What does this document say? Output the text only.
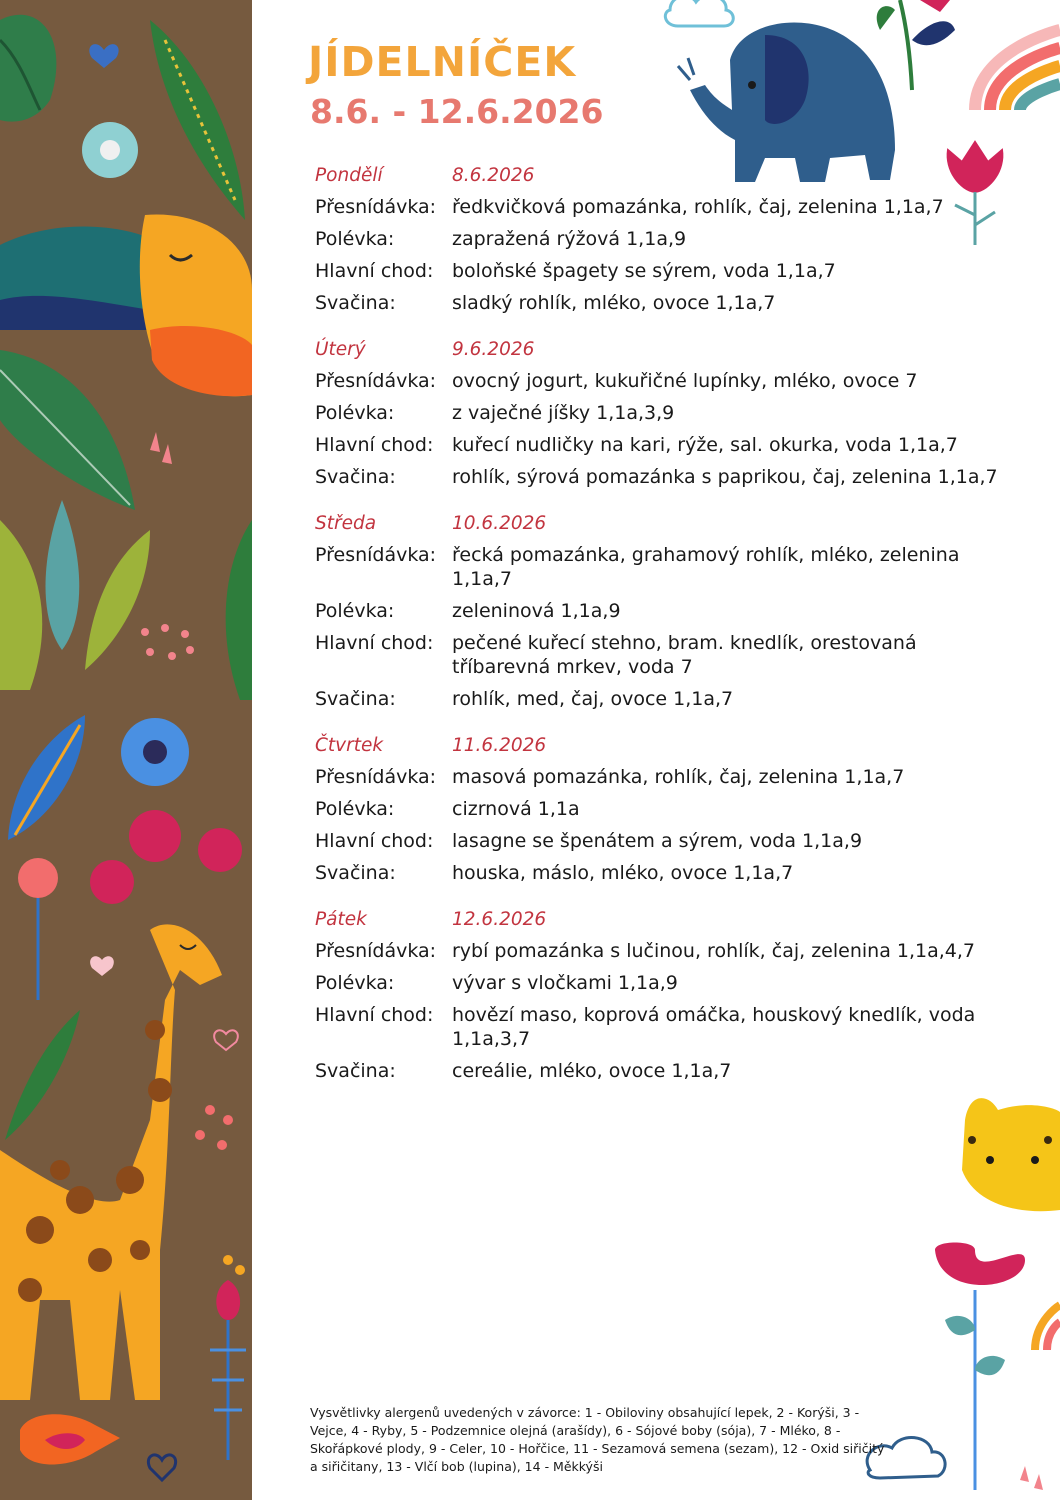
JÍDELNÍČEK
8.6. - 12.6.2026
Pondělí	8.6.2026
Přesnídávka: ředkvičková pomazánka, rohlík, čaj, zelenina 1,1a,7
Polévka:	zapražená rýžová 1,1a,9
Hlavní chod: boloňské špagety se sýrem, voda 1,1a,7
Svačina:	sladký rohlík, mléko, ovoce 1,1a,7
Úterý	9.6.2026
Přesnídávka: ovocný jogurt, kukuřičné lupínky, mléko, ovoce 7
Polévka:	z vaječné jíšky 1,1a,3,9
Hlavní chod: kuřecí nudličky na kari, rýže, sal. okurka, voda 1,1a,7
Svačina:	rohlík, sýrová pomazánka s paprikou, čaj, zelenina 1,1a,7
Středa	10.6.2026
Přesnídávka: řecká pomazánka, grahamový rohlík, mléko, zelenina 1,1a,7
Polévka:	zeleninová 1,1a,9
Hlavní chod: pečené kuřecí stehno, bram. knedlík, orestovaná tříbarevná mrkev, voda 7
Svačina:	rohlík, med, čaj, ovoce 1,1a,7
Čtvrtek	11.6.2026
Přesnídávka: masová pomazánka, rohlík, čaj, zelenina 1,1a,7
Polévka:	cizrnová 1,1a
Hlavní chod: lasagne se špenátem a sýrem, voda 1,1a,9
Svačina:	houska, máslo, mléko, ovoce 1,1a,7
Pátek	12.6.2026
Přesnídávka: rybí pomazánka s lučinou, rohlík, čaj, zelenina 1,1a,4,7
Polévka:	vývar s vločkami 1,1a,9
Hlavní chod: hovězí maso, koprová omáčka, houskový knedlík, voda 1,1a,3,7
Svačina:	cereálie, mléko, ovoce 1,1a,7

Vysvětlivky alergenů uvedených v závorce: 1 - Obiloviny obsahující lepek, 2 - Korýši, 3 - Vejce, 4 - Ryby, 5 - Podzemnice olejná (arašídy), 6 - Sójové boby (sója), 7 - Mléko, 8 - Skořápkové plody, 9 - Celer, 10 - Hořčice, 11 - Sezamová semena (sezam), 12 - Oxid siřičitý a siřičitany, 13 - Vlčí bob (lupina), 14 - Měkkýši
